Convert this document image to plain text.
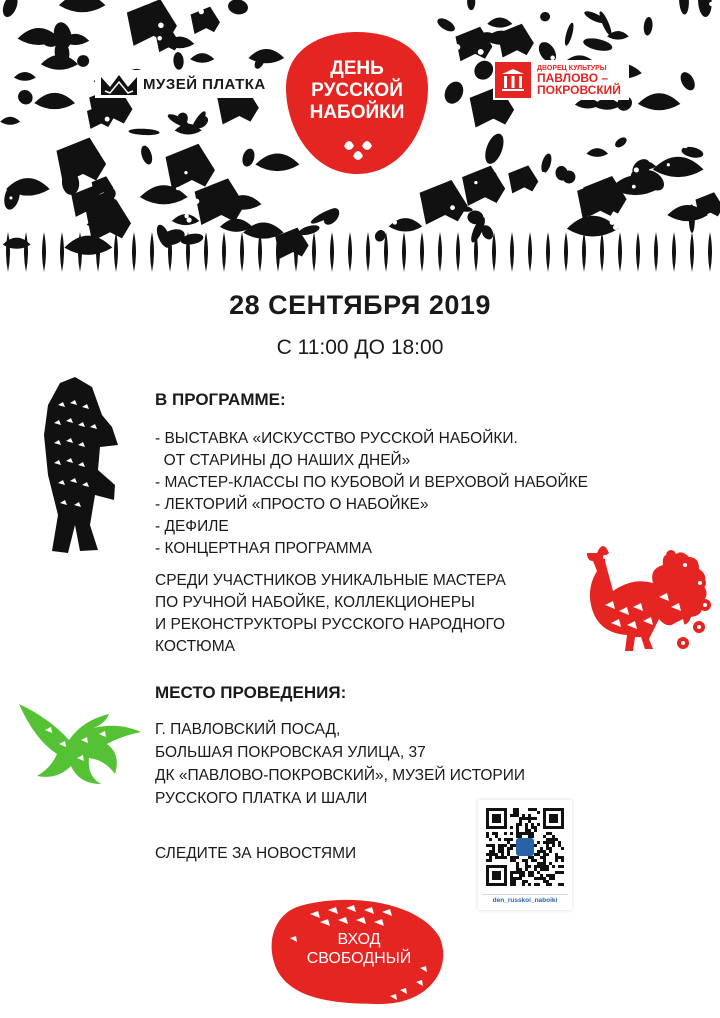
МУЗЕЙ ПЛАТКА
ДВОРЕЦ КУЛЬТУРЫ
ПАВЛОВО –
ПОКРОВСКИЙ
ДЕНЬ
РУССКОЙ
НАБОЙКИ
28 СЕНТЯБРЯ 2019
С 11:00 ДО 18:00
В ПРОГРАММЕ:
- ВЫСТАВКА «ИСКУССТВО РУССКОЙ НАБОЙКИ.
ОТ СТАРИНЫ ДО НАШИХ ДНЕЙ»
- МАСТЕР-КЛАССЫ ПО КУБОВОЙ И ВЕРХОВОЙ НАБОЙКЕ
- ЛЕКТОРИЙ «ПРОСТО О НАБОЙКЕ»
- ДЕФИЛЕ
- КОНЦЕРТНАЯ ПРОГРАММА
СРЕДИ УЧАСТНИКОВ УНИКАЛЬНЫЕ МАСТЕРА
ПО РУЧНОЙ НАБОЙКЕ, КОЛЛЕКЦИОНЕРЫ
И РЕКОНСТРУКТОРЫ РУССКОГО НАРОДНОГО
КОСТЮМА
МЕСТО ПРОВЕДЕНИЯ:
Г. ПАВЛОВСКИЙ ПОСАД,
БОЛЬШАЯ ПОКРОВСКАЯ УЛИЦА, 37
ДК «ПАВЛОВО-ПОКРОВСКИЙ», МУЗЕЙ ИСТОРИИ
РУССКОГО ПЛАТКА И ШАЛИ
СЛЕДИТЕ ЗА НОВОСТЯМИ
den_russkoi_naboiki
ВХОД
СВОБОДНЫЙ
